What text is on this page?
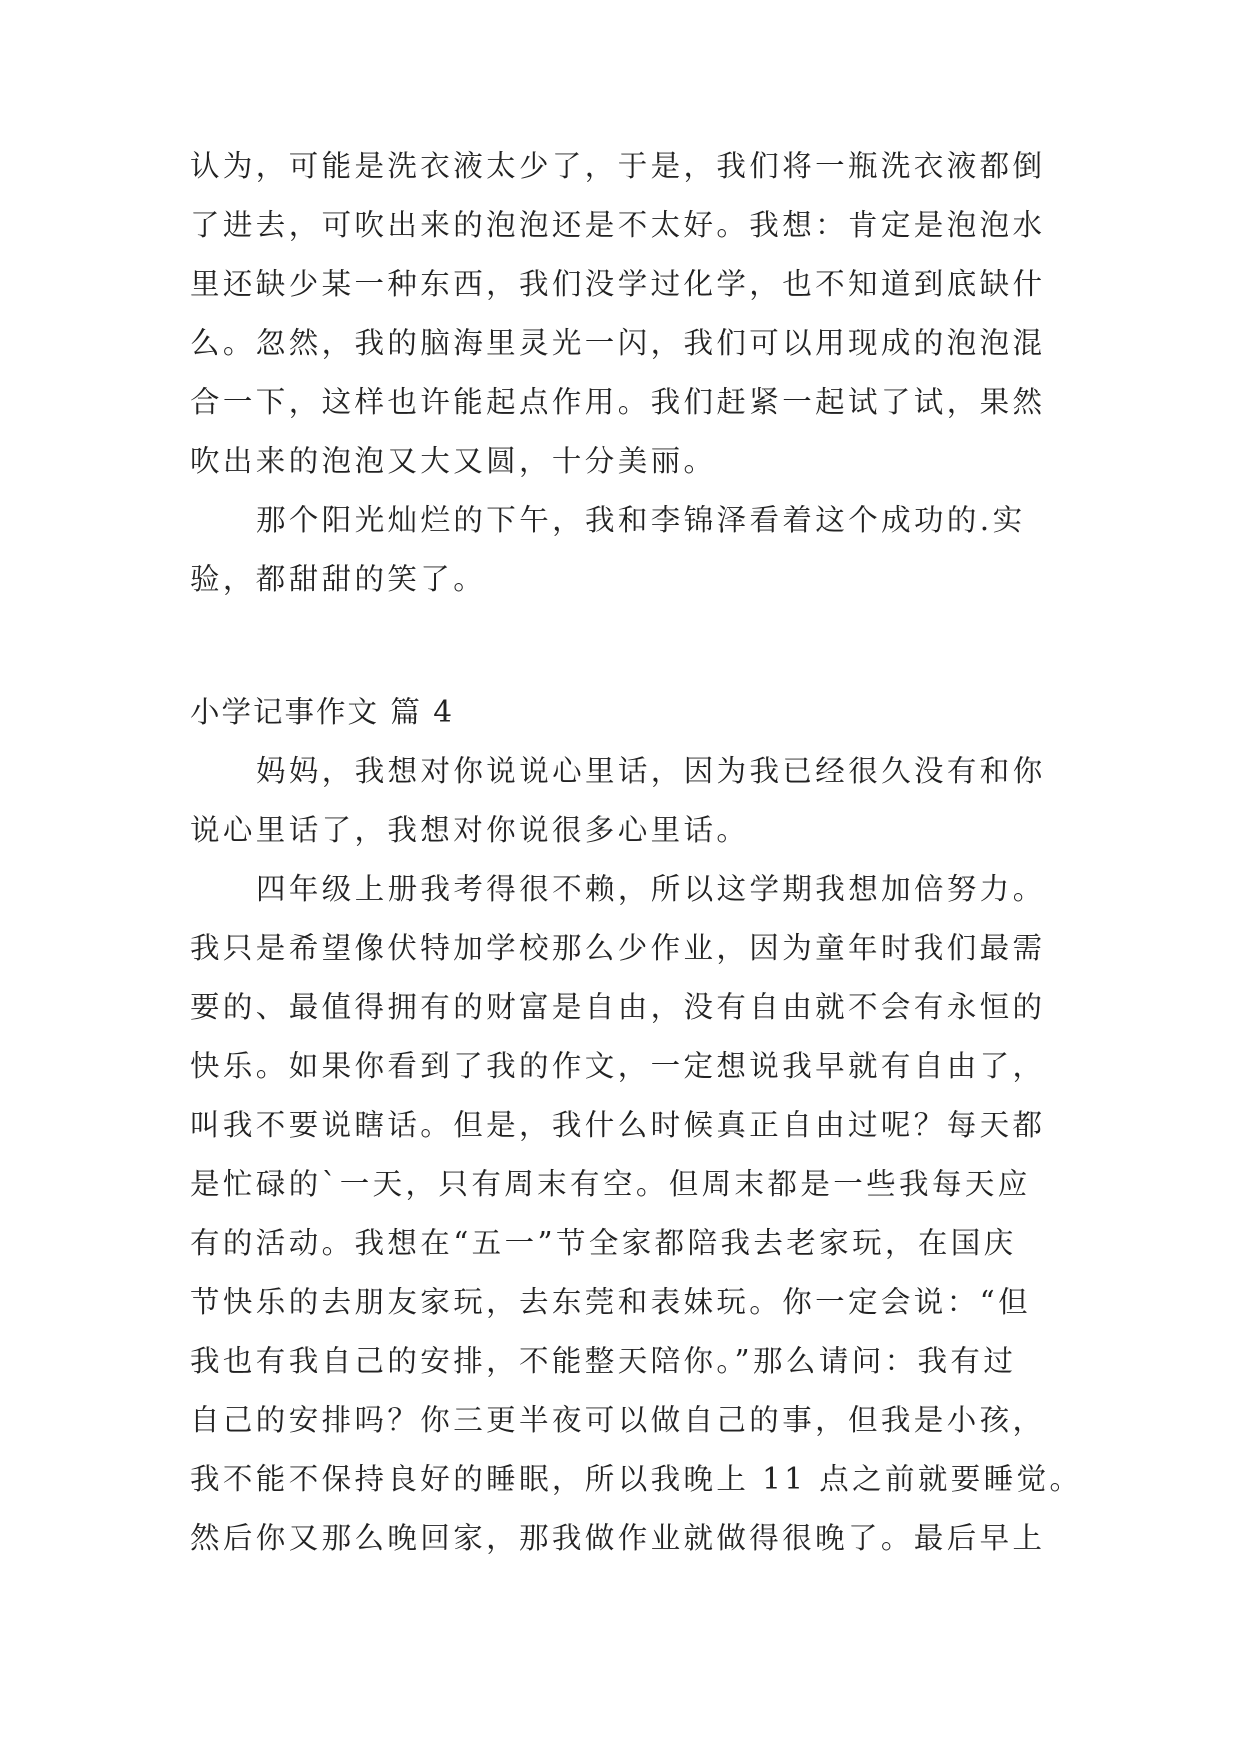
认为，可能是洗衣液太少了，于是，我们将一瓶洗衣液都倒
了进去，可吹出来的泡泡还是不太好。我想：肯定是泡泡水
里还缺少某一种东西，我们没学过化学，也不知道到底缺什
么。忽然，我的脑海里灵光一闪，我们可以用现成的泡泡混
合一下，这样也许能起点作用。我们赶紧一起试了试，果然
吹出来的泡泡又大又圆，十分美丽。
那个阳光灿烂的下午，我和李锦泽看着这个成功的.实
验，都甜甜的笑了。
小学记事作文 篇 4
妈妈，我想对你说说心里话，因为我已经很久没有和你
说心里话了，我想对你说很多心里话。
四年级上册我考得很不赖，所以这学期我想加倍努力。
我只是希望像伏特加学校那么少作业，因为童年时我们最需
要的、最值得拥有的财富是自由，没有自由就不会有永恒的
快乐。如果你看到了我的作文，一定想说我早就有自由了，
叫我不要说瞎话。但是，我什么时候真正自由过呢？每天都
是忙碌的`一天，只有周末有空。但周末都是一些我每天应
有的活动。我想在“五一”节全家都陪我去老家玩，在国庆
节快乐的去朋友家玩，去东莞和表妹玩。你一定会说：“但
我也有我自己的安排，不能整天陪你。”那么请问：我有过
自己的安排吗？你三更半夜可以做自己的事，但我是小孩，
我不能不保持良好的睡眠，所以我晚上 11 点之前就要睡觉。
然后你又那么晚回家，那我做作业就做得很晚了。最后早上
